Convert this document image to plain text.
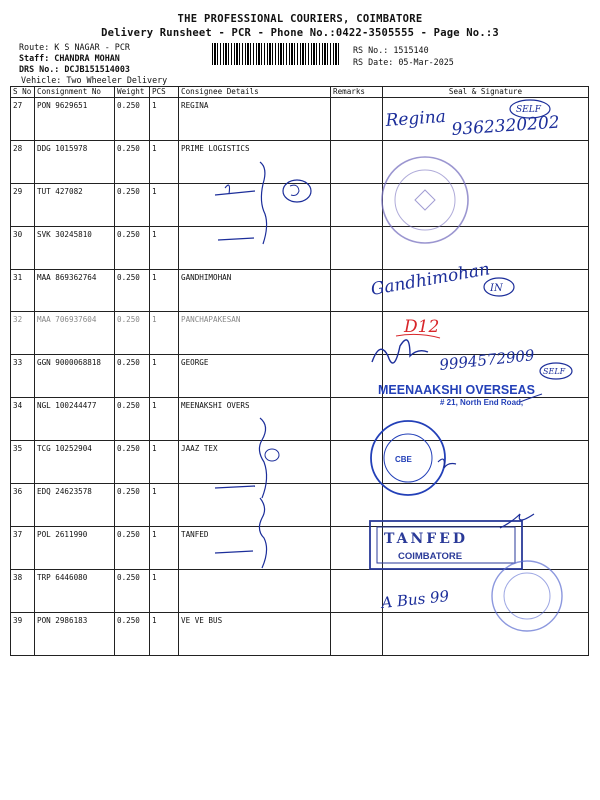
THE PROFESSIONAL COURIERS, COIMBATORE
Delivery Runsheet - PCR - Phone No.:0422-3505555 - Page No.:3
Route: K S NAGAR - PCR
Staff: CHANDRA MOHAN
DRS No.: DCJB151514003
Vehicle: Two Wheeler Delivery
RS No.: 1515140
RS Date: 05-Mar-2025
S No	Consignment No	Weight	PCS	Consignee Details	Remarks	Seal & Signature
27	PON 9629651	0.250	1	REGINA		
28	DDG 1015978	0.250	1	PRIME LOGISTICS		
29	TUT 427082	0.250	1			
30	SVK 30245810	0.250	1			
31	MAA 869362764	0.250	1	GANDHIMOHAN		
32	MAA 706937604	0.250	1	PANCHAPAKESAN		
33	GGN 9000068818	0.250	1	GEORGE		
34	NGL 100244477	0.250	1	MEENAKSHI OVERS		
35	TCG 10252904	0.250	1	JAAZ TEX		
36	EDQ 24623578	0.250	1			
37	POL 2611990	0.250	1	TANFED		
38	TRP 6446080	0.250	1			
39	PON 2986183	0.250	1	VE VE BUS		
Regina 9362320202
SELF
Gandhimohan
IN
D12
9994572909 SELF
MEENAAKSHI OVERSEAS
# 21, North End Road,
CBE
TANFED
COIMBATORE
A Bus 99
